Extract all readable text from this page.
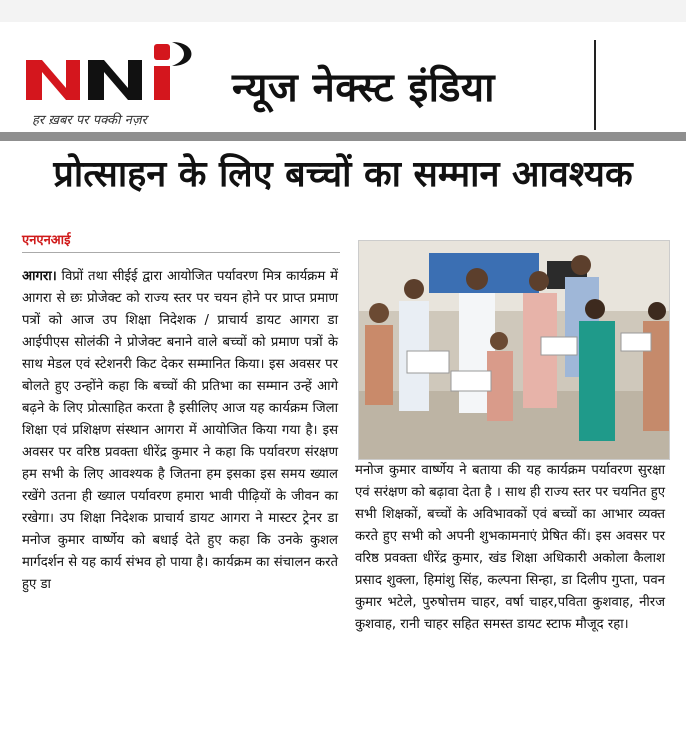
हर ख़बर पर पक्की नज़र
न्यूज नेक्स्ट इंडिया
प्रोत्साहन के लिए बच्चों का सम्मान आवश्यक
एनएनआई
आगरा। विप्रों तथा सीईई द्वारा आयोजित पर्यावरण मित्र कार्यक्रम में आगरा से छः प्रोजेक्ट को राज्य स्तर पर चयन होने पर प्राप्त प्रमाण पत्रों को आज उप शिक्षा निदेशक / प्राचार्य डायट आगरा डा आईपीएस सोलंकी ने प्रोजेक्ट बनाने वाले बच्चों को प्रमाण पत्रों के साथ मेडल एवं स्टेशनरी किट देकर सम्मानित किया। इस अवसर पर बोलते हुए उन्होंने कहा कि बच्चों की प्रतिभा का सम्मान उन्हें आगे बढ़ने के लिए प्रोत्साहित करता है इसीलिए आज यह कार्यक्रम जिला शिक्षा एवं प्रशिक्षण संस्थान आगरा में आयोजित किया गया है। इस अवसर पर वरिष्ठ प्रवक्ता धीरेंद्र कुमार ने कहा कि पर्यावरण संरक्षण हम सभी के लिए आवश्यक है जितना हम इसका इस समय ख्याल रखेंगे उतना ही ख्याल पर्यावरण हमारा भावी पीढ़ियों के जीवन का रखेगा। उप शिक्षा निदेशक प्राचार्य डायट आगरा ने मास्टर ट्रेनर डा मनोज कुमार वार्ष्णेय को बधाई देते हुए कहा कि उनके कुशल मार्गदर्शन से यह कार्य संभव हो पाया है। कार्यक्रम का संचालन करते हुए डा
मनोज कुमार वार्ष्णेय ने बताया की यह कार्यक्रम पर्यावरण सुरक्षा एवं सरंक्षण को बढ़ावा देता है । साथ ही राज्य स्तर पर चयनित हुए सभी शिक्षकों, बच्चों के अविभावकों एवं बच्चों का आभार व्यक्त करते हुए सभी को अपनी शुभकामनाएं प्रेषित कीं। इस अवसर पर वरिष्ठ प्रवक्ता धीरेंद्र कुमार, खंड शिक्षा अधिकारी अकोला कैलाश प्रसाद शुक्ला, हिमांशु सिंह, कल्पना सिन्हा, डा दिलीप गुप्ता, पवन कुमार भटेले, पुरुषोत्तम चाहर, वर्षा चाहर,पविता कुशवाह, नीरज कुशवाह, रानी चाहर सहित समस्त डायट स्टाफ मौजूद रहा।
